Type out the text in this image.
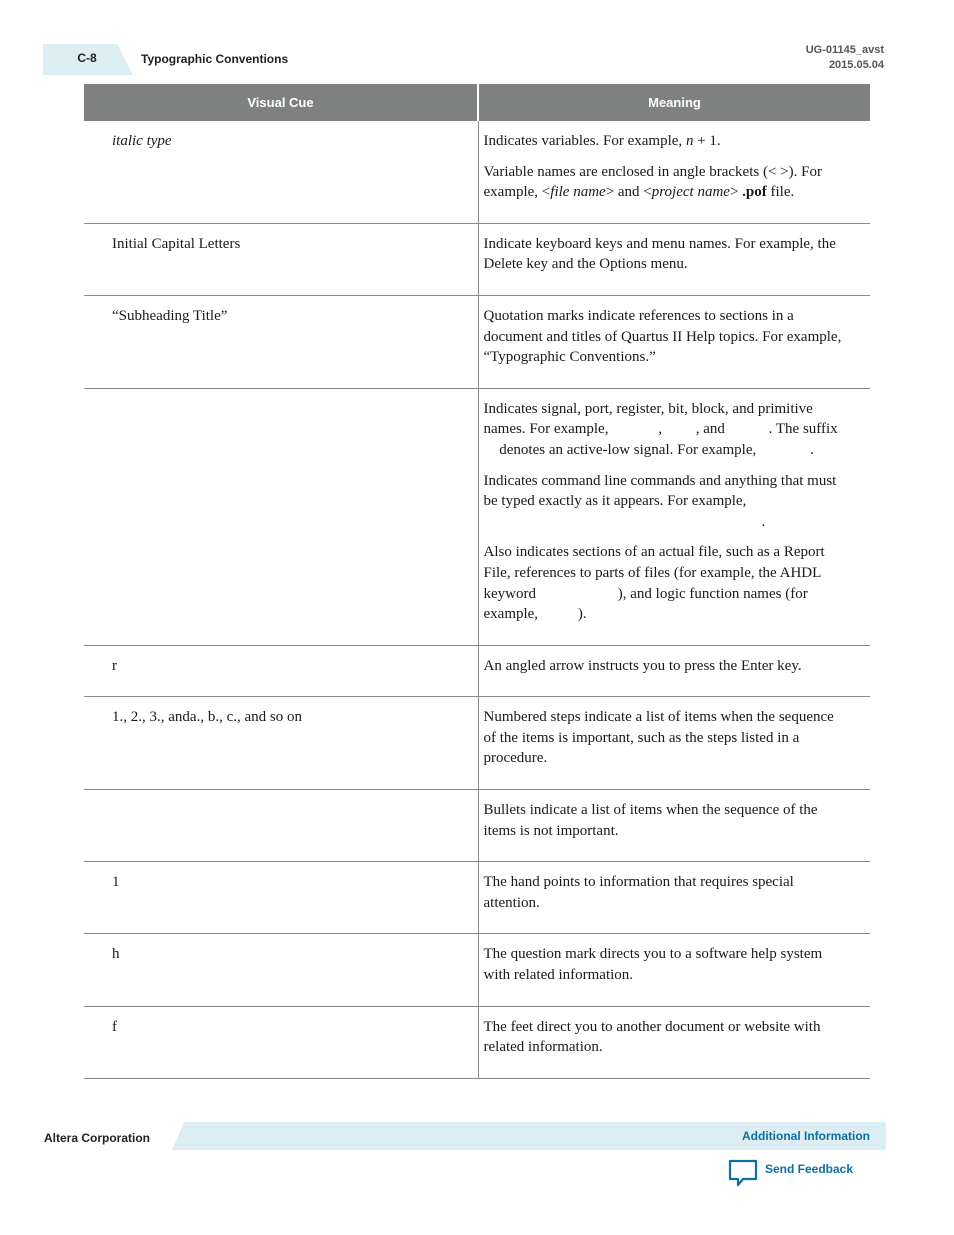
C-8	Typographic Conventions
UG-01145_avst
2015.05.04
Visual Cue	Meaning
italic type	Indicates variables. For example, n + 1.

Variable names are enclosed in angle brackets (< >). For example, <file name> and <project name> .pof file.

Initial Capital Letters	Indicate keyboard keys and menu names. For example, the Delete key and the Options menu.

“Subheading Title”	Quotation marks indicate references to sections in a document and titles of Quartus II Help topics. For example, “Typographic Conventions.”

	Indicates signal, port, register, bit, block, and primitive names. For example, , , and . The suffix  denotes an active-low signal. For example, .

Indicates command line commands and anything that must be typed exactly as it appears. For example, .

Also indicates sections of an actual file, such as a Report File, references to parts of files (for example, the AHDL keyword ), and logic function names (for example, ).

r	An angled arrow instructs you to press the Enter key.

1., 2., 3., anda., b., c., and so on	Numbered steps indicate a list of items when the sequence of the items is important, such as the steps listed in a procedure.

	Bullets indicate a list of items when the sequence of the items is not important.

1	The hand points to information that requires special attention.

h	The question mark directs you to a software help system with related information.

f	The feet direct you to another document or website with related information.

Altera Corporation	Additional Information
Send Feedback
